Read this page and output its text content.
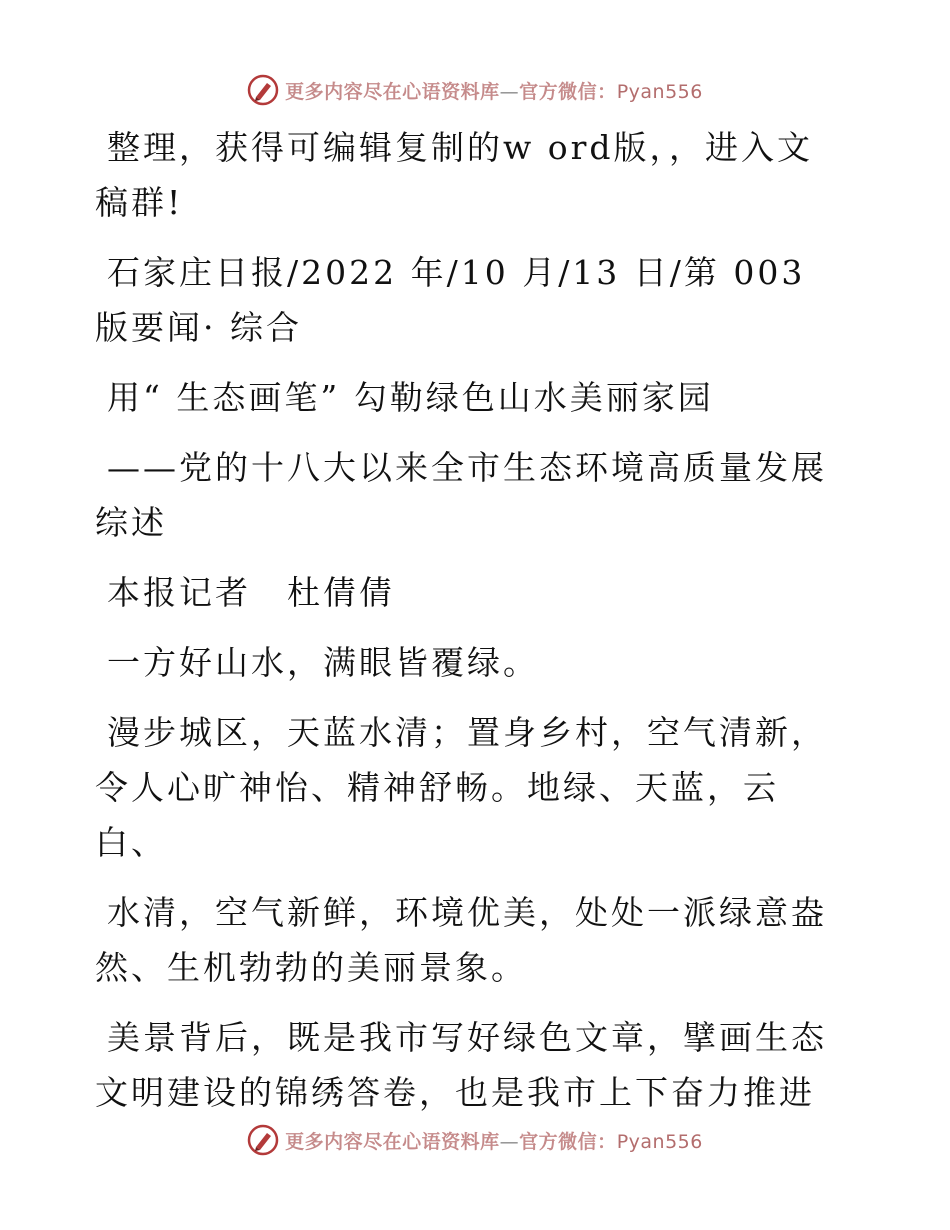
更多内容尽在心语资料库—官方微信：Pyan556

整理，获得可编辑复制的w ord版，，进入文稿群!

石家庄日报/2022 年/10 月/13 日/第 003 版要闻· 综合

用“ 生态画笔” 勾勒绿色山水美丽家园

——党的十八大以来全市生态环境高质量发展综述

本报记者　杜倩倩

一方好山水，满眼皆覆绿。

漫步城区，天蓝水清；置身乡村，空气清新，令人心旷神怡、精神舒畅。地绿、天蓝，云白、

水清，空气新鲜，环境优美，处处一派绿意盎然、生机勃勃的美丽景象。

美景背后，既是我市写好绿色文章，擘画生态文明建设的锦绣答卷，也是我市上下奋力推进

更多内容尽在心语资料库—官方微信：Pyan556
